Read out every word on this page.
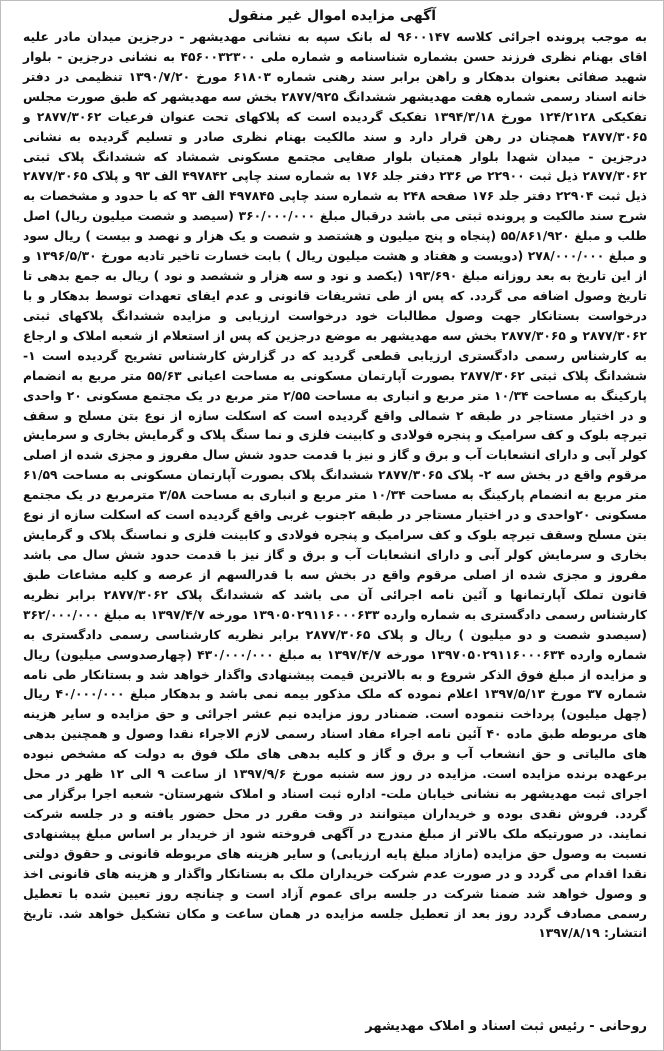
آگهی مزایده اموال غیر منقول

به موجب پرونده اجرائی کلاسه ۹۶۰۰۱۴۷ له بانک سپه به نشانی مهدیشهر - درجزین میدان مادر علیه اقای بهنام نظری فرزند حسن بشماره شناسنامه و شماره ملی ۴۵۶۰۰۳۲۳۰۰ به نشانی درجزین - بلوار شهید صفائی بعنوان بدهکار و راهن برابر سند رهنی شماره ۶۱۸۰۳ مورخ ۱۳۹۰/۷/۲۰ تنظیمی در دفتر خانه اسناد رسمی شماره هفت مهدیشهر ششدانگ ۲۸۷۷/۹۲۵ بخش سه مهدیشهر که طبق صورت مجلس تفکیکی ۱۲۴/۲۱۲۸ مورخ ۱۳۹۴/۳/۱۸ تفکیک گردیده است که پلاکهای تحت عنوان فرعیات ۲۸۷۷/۳۰۶۲ و ۲۸۷۷/۳۰۶۵ همچنان در رهن قرار دارد و سند مالکیت بهنام نظری صادر و تسلیم گردیده به نشانی درجزین - میدان شهدا بلوار همتیان بلوار صفایی مجتمع مسکونی شمشاد که ششدانگ پلاک ثبتی ۲۸۷۷/۳۰۶۲ ذیل ثبت ۲۲۹۰۰ ص ۲۳۶ دفتر جلد ۱۷۶ به شماره سند چاپی ۴۹۷۸۴۲ الف ۹۳ و پلاک ۲۸۷۷/۳۰۶۵ ذیل ثبت ۲۲۹۰۴ دفتر جلد ۱۷۶ صفحه ۲۴۸ به شماره سند چاپی ۴۹۷۸۴۵ الف ۹۳ که با حدود و مشخصات به شرح سند مالکیت و پرونده ثبتی می باشد درقبال مبلغ ۳۶۰/۰۰۰/۰۰۰ (سیصد و شصت میلیون ریال) اصل طلب و مبلغ ۵۵/۸۶۱/۹۲۰ (پنجاه و پنج میلیون و هشتصد و شصت و یک هزار و نهصد و بیست ) ریال سود و مبلغ ۲۷۸/۰۰۰/۰۰۰ (دویست و هفتاد و هشت میلیون ریال ) بابت خسارت تاخیر تادیه مورخ ۱۳۹۶/۵/۳۰ و از این تاریخ به بعد روزانه مبلغ ۱۹۳/۶۹۰ (یکصد و نود و سه هزار و ششصد و نود ) ریال به جمع بدهی تا تاریخ وصول اضافه می گردد. که پس از طی تشریفات قانونی و عدم ایفای تعهدات توسط بدهکار و با درخواست بستانکار جهت وصول مطالبات خود درخواست ارزیابی و مزایده ششدانگ پلاکهای ثبتی ۲۸۷۷/۳۰۶۲ و ۲۸۷۷/۳۰۶۵ بخش سه مهدیشهر به موضع درجزین که پس از استعلام از شعبه املاک و ارجاع به کارشناس رسمی دادگستری ارزیابی قطعی گردید که در گزارش کارشناس تشریح گردیده است ۱- ششدانگ پلاک ثبتی ۲۸۷۷/۳۰۶۲ بصورت آپارتمان مسکونی به مساحت اعیانی ۵۵/۶۳ متر مربع به انضمام پارکینگ به مساحت ۱۰/۳۴ متر مربع و انباری به مساحت ۲/۵۵ متر مربع در یک مجتمع مسکونی ۲۰ واحدی و در اختیار مستاجر در طبقه ۲ شمالی واقع گردیده است که اسکلت سازه از نوع بتن مسلح و سقف تیرچه بلوک و کف سرامیک و پنجره فولادی و کابینت فلزی و نما سنگ پلاک و گرمایش بخاری و سرمایش کولر آبی و دارای انشعابات آب و برق و گاز و نیز با قدمت حدود شش سال مفروز و مجزی شده از اصلی مرقوم واقع در بخش سه ۲- پلاک ۲۸۷۷/۳۰۶۵ ششدانگ پلاک بصورت آپارتمان مسکونی به مساحت ۶۱/۵۹ متر مربع به انضمام پارکینگ به مساحت ۱۰/۳۴ متر مربع و انباری به مساحت ۳/۵۸ مترمربع در یک مجتمع مسکونی ۲۰واحدی و در اختیار مستاجر در طبقه ۲جنوب غربی واقع گردیده است که اسکلت سازه از نوع بتن مسلح وسقف تیرچه بلوک و کف سرامیک و پنجره فولادی و کابینت فلزی و نماسنگ پلاک و گرمایش بخاری و سرمایش کولر آبی و دارای انشعابات آب و برق و گاز نیز با قدمت حدود شش سال می باشد مفروز و مجزی شده از اصلی مرقوم واقع در بخش سه با قدرالسهم از عرصه و کلیه مشاعات طبق قانون تملک آپارتمانها و آئین نامه اجرائی آن می باشد که ششدانگ پلاک ۲۸۷۷/۳۰۶۲ برابر نظریه کارشناس رسمی دادگستری به شماره وارده ۱۳۹۰۵۰۲۹۱۱۶۰۰۰۶۳۳ مورخه ۱۳۹۷/۴/۷ به مبلغ ۳۶۲/۰۰۰/۰۰۰ (سیصدو شصت و دو میلیون ) ریال و پلاک ۲۸۷۷/۳۰۶۵ برابر نظریه کارشناسی رسمی دادگستری به شماره وارده ۱۳۹۷۰۵۰۲۹۱۱۶۰۰۰۶۳۴ مورخه ۱۳۹۷/۴/۷ به مبلغ ۴۳۰/۰۰۰/۰۰۰ (چهارصدوسی میلیون) ریال و مزایده از مبلغ فوق الذکر شروع و به بالاترین قیمت پیشنهادی واگذار خواهد شد و بستانکار طی نامه شماره ۳۷ مورخ ۱۳۹۷/۵/۱۳ اعلام نموده که ملک مذکور بیمه نمی باشد و بدهکار مبلغ ۴۰/۰۰۰/۰۰۰ ریال (چهل میلیون) پرداخت ننموده است. ضمنادر روز مزایده نیم عشر اجرائی و حق مزایده و سایر هزینه های مربوطه طبق ماده ۴۰ آئین نامه اجراء مفاد اسناد رسمی لازم الاجراء نقدا وصول و همچنین بدهی های مالیاتی و حق انشعاب آب و برق و گاز و کلیه بدهی های ملک فوق به دولت که مشخص نبوده برعهده برنده مزایده است. مزایده در روز سه شنبه مورخ ۱۳۹۷/۹/۶ از ساعت ۹ الی ۱۲ ظهر در محل اجرای ثبت مهدیشهر به نشانی خیابان ملت- اداره ثبت اسناد و املاک شهرستان- شعبه اجرا برگزار می گردد. فروش نقدی بوده و خریداران میتوانند در وقت مقرر در محل حضور یافته و در جلسه شرکت نمایند. در صورتیکه ملک بالاتر از مبلغ مندرج در آگهی فروخته شود از خریدار بر اساس مبلغ پیشنهادی نسبت به وصول حق مزایده (مازاد مبلغ پایه ارزیابی) و سایر هزینه های مربوطه قانونی و حقوق دولتی نقدا اقدام می گردد و در صورت عدم شرکت خریداران ملک به بستانکار واگذار و هزینه های قانونی اخذ و وصول خواهد شد ضمنا شرکت در جلسه برای عموم آزاد است و چنانچه روز تعیین شده با تعطیل رسمی مصادف گردد روز بعد از تعطیل جلسه مزایده در همان ساعت و مکان تشکیل خواهد شد. تاریخ انتشار: ۱۳۹۷/۸/۱۹

روحانی - رئیس ثبت اسناد و املاک مهدیشهر
